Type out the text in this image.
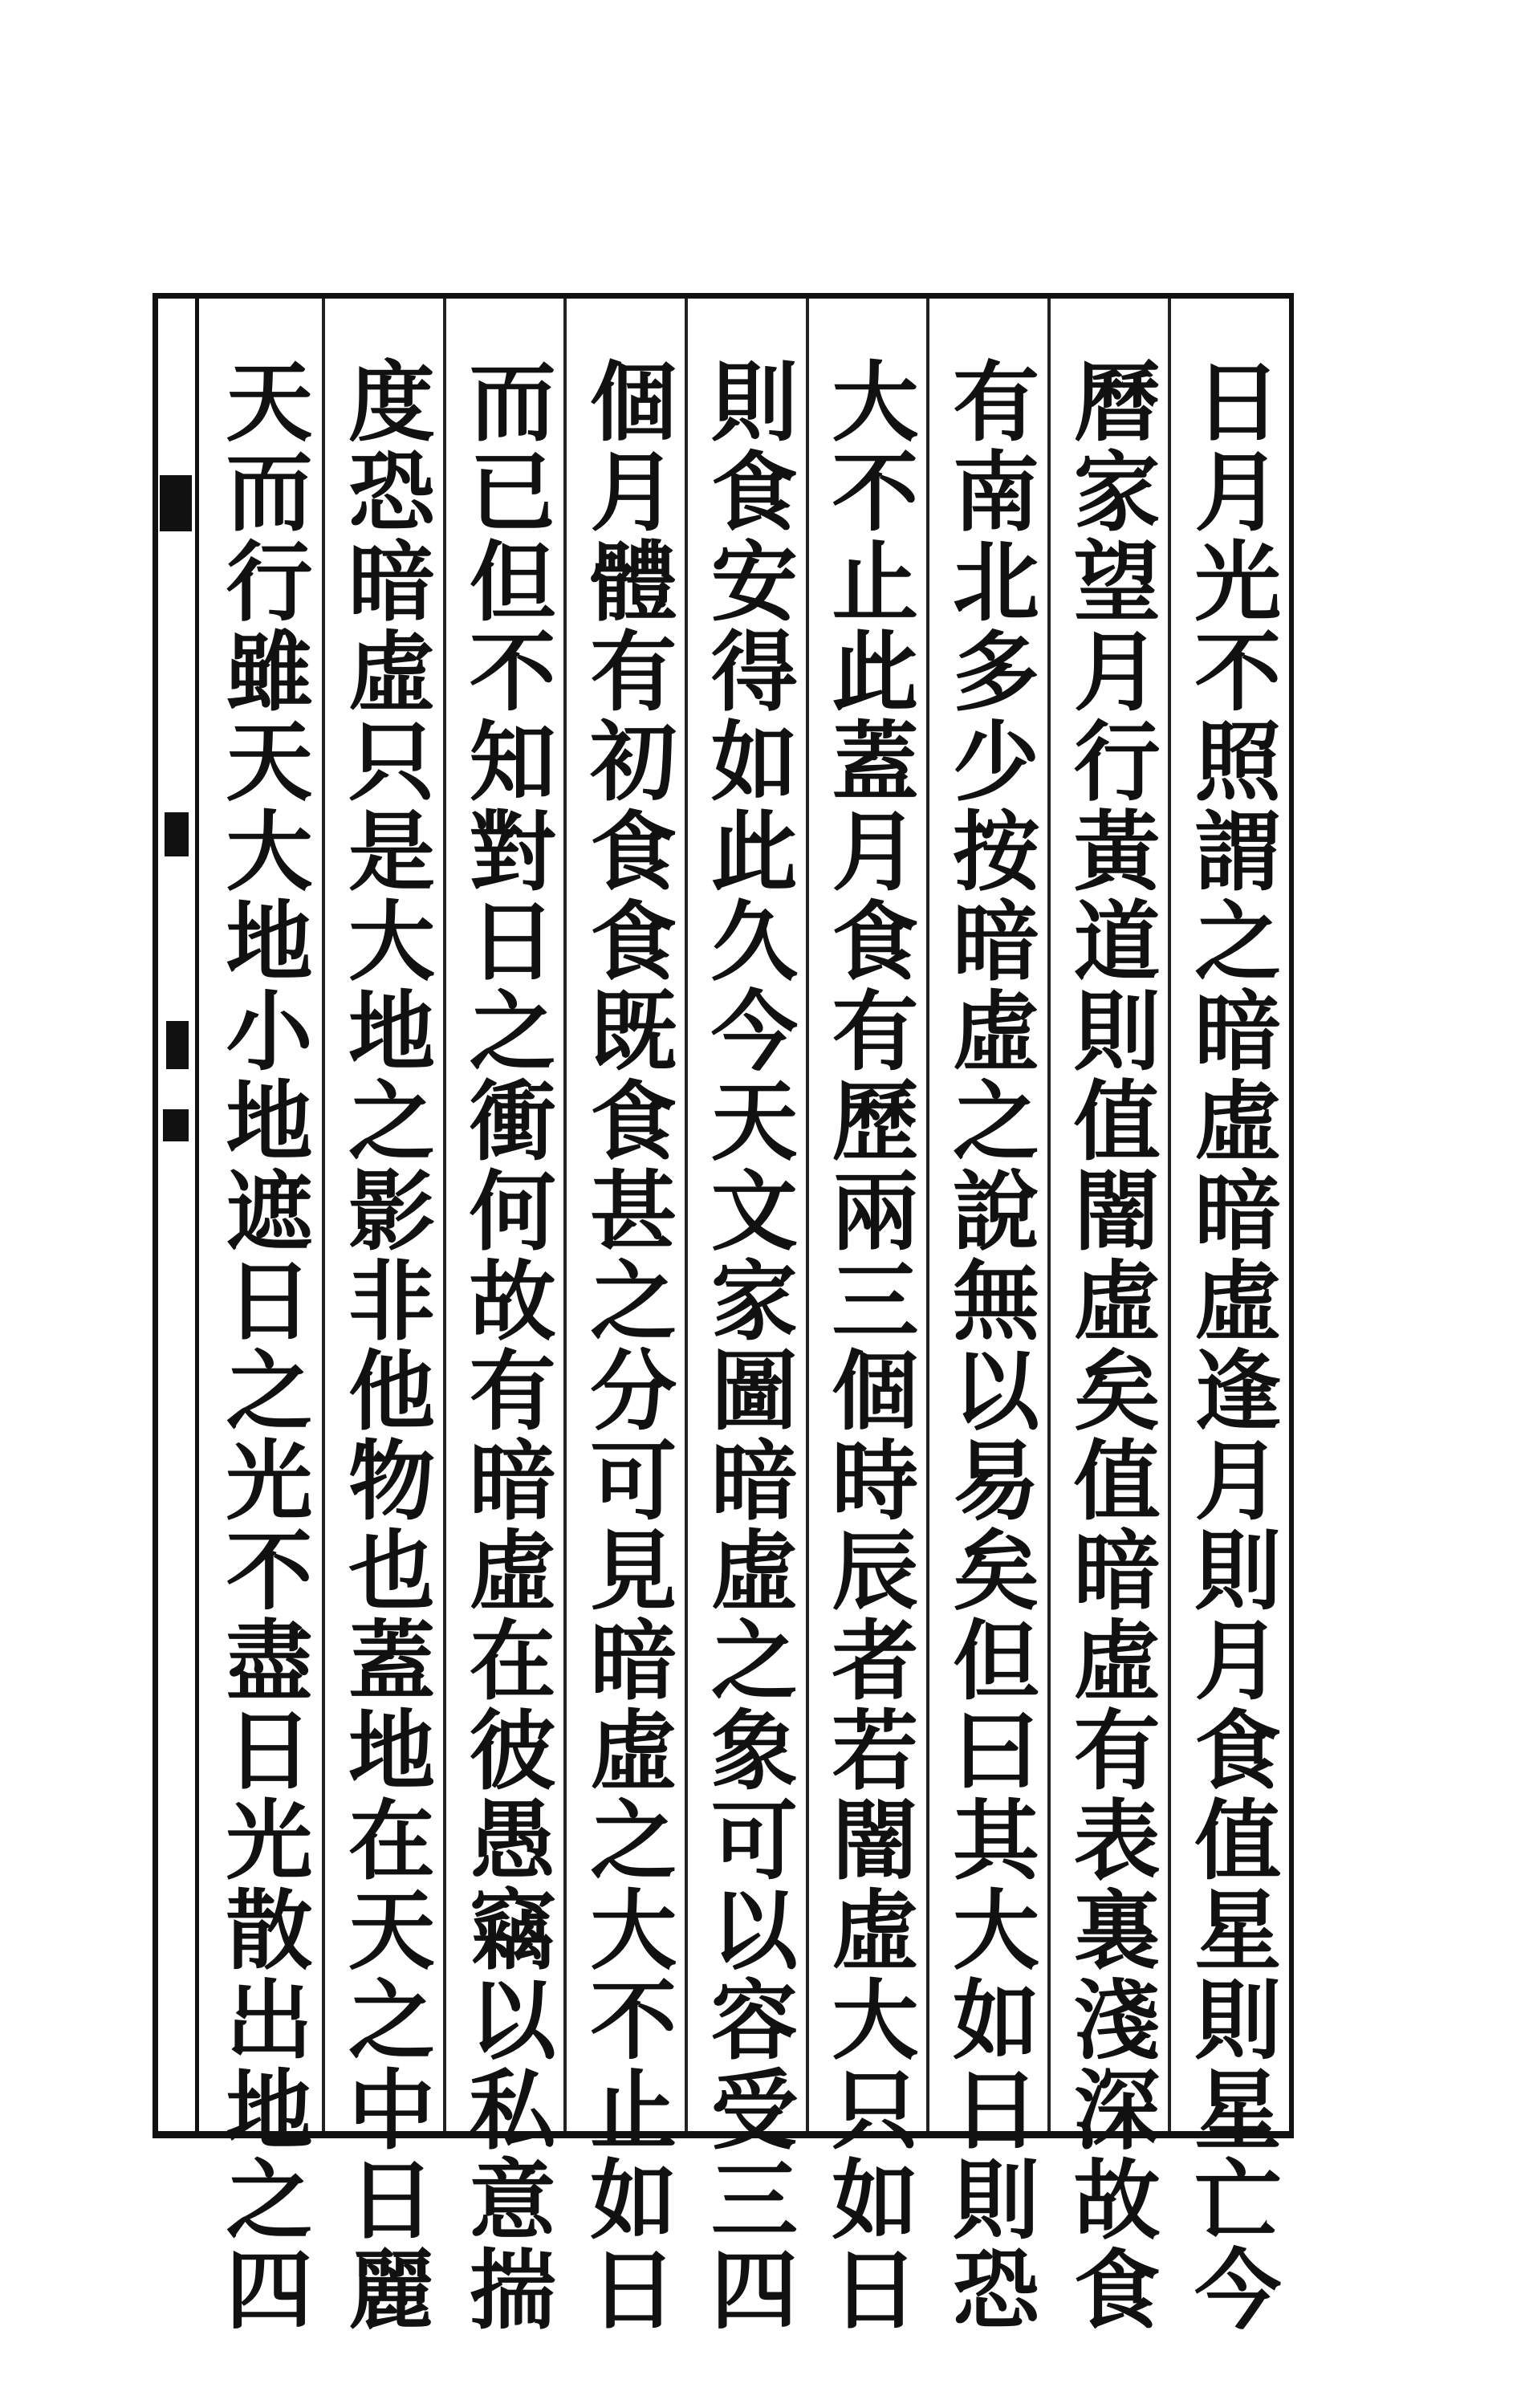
日月光不照謂之暗虛暗虛逢月則月食值星則星亡今
曆家望月行黃道則值闇虛矣值暗虛有表裏淺深故食
有南北多少按暗虛之說無以易矣但曰其大如日則恐
大不止此蓋月食有歷兩三個時辰者若闇虛大只如日
則食安得如此久今天文家圖暗虛之象可以容受三四
個月體有初食食既食甚之分可見暗虛之大不止如日
而已但不知對日之衝何故有暗虛在彼愚竊以私意揣
度恐暗虛只是大地之影非他物也蓋地在天之中日麗
天而行雖天大地小地遮日之光不盡日光散出地之四
